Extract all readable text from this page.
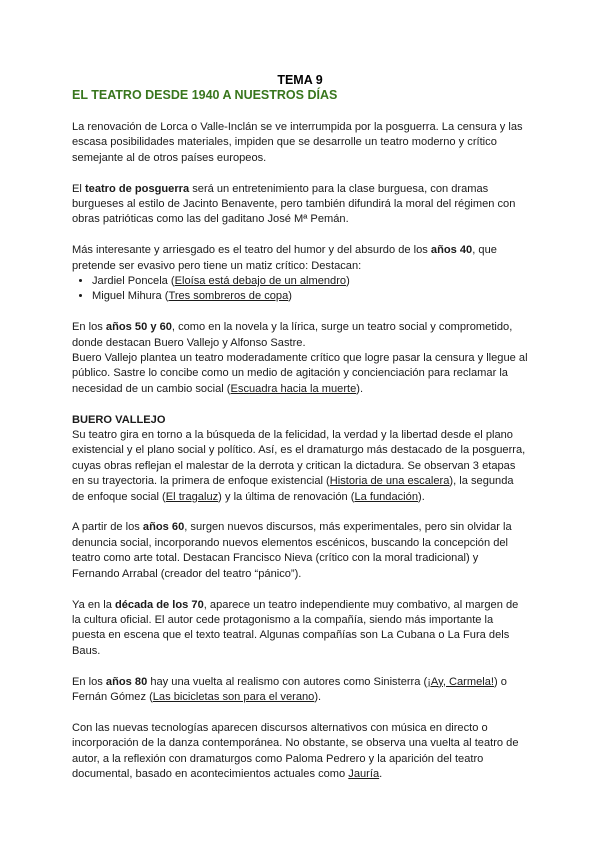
TEMA 9
EL TEATRO DESDE 1940 A NUESTROS DÍAS

La renovación de Lorca o Valle-Inclán se ve interrumpida por la posguerra. La censura y las escasa posibilidades materiales, impiden que se desarrolle un teatro moderno y crítico semejante al de otros países europeos.

El teatro de posguerra será un entretenimiento para la clase burguesa, con dramas burgueses al estilo de Jacinto Benavente, pero también difundirá la moral del régimen con obras patrióticas como las del gaditano José Mª Pemán.

Más interesante y arriesgado es el teatro del humor y del absurdo de los años 40, que pretende ser evasivo pero tiene un matiz crítico: Destacan:

• Jardiel Poncela (Eloísa está debajo de un almendro)
• Miguel Mihura (Tres sombreros de copa)

En los años 50 y 60, como en la novela y la lírica, surge un teatro social y comprometido, donde destacan Buero Vallejo y Alfonso Sastre.
Buero Vallejo plantea un teatro moderadamente crítico que logre pasar la censura y llegue al público. Sastre lo concibe como un medio de agitación y concienciación para reclamar la necesidad de un cambio social (Escuadra hacia la muerte).

BUERO VALLEJO

Su teatro gira en torno a la búsqueda de la felicidad, la verdad y la libertad desde el plano existencial y el plano social y político. Así, es el dramaturgo más destacado de la posguerra, cuyas obras reflejan el malestar de la derrota y critican la dictadura. Se observan 3 etapas en su trayectoria. la primera de enfoque existencial (Historia de una escalera), la segunda de enfoque social (El tragaluz) y la última de renovación (La fundación).

A partir de los años 60, surgen nuevos discursos, más experimentales, pero sin olvidar la denuncia social, incorporando nuevos elementos escénicos, buscando la concepción del teatro como arte total. Destacan Francisco Nieva (crítico con la moral tradicional) y Fernando Arrabal (creador del teatro “pánico”).

Ya en la década de los 70, aparece un teatro independiente muy combativo, al margen de la cultura oficial. El autor cede protagonismo a la compañía, siendo más importante la puesta en escena que el texto teatral. Algunas compañías son La Cubana o La Fura dels Baus.

En los años 80 hay una vuelta al realismo con autores como Sinisterra (¡Ay, Carmela!) o Fernán Gómez (Las bicicletas son para el verano).

Con las nuevas tecnologías aparecen discursos alternativos con música en directo o incorporación de la danza contemporánea. No obstante, se observa una vuelta al teatro de autor, a la reflexión con dramaturgos como Paloma Pedrero y la aparición del teatro documental, basado en acontecimientos actuales como Jauría.
